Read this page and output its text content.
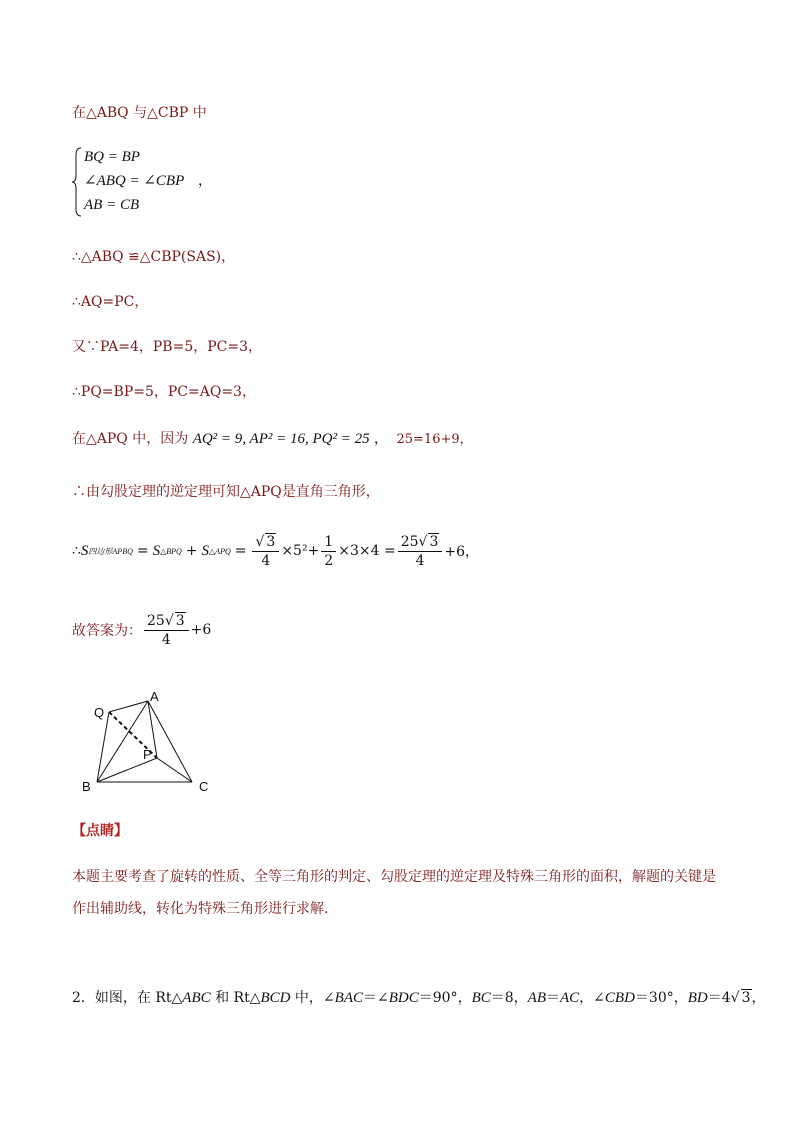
在△ABQ 与△CBP 中
BQ = BP
∠ABQ = ∠CBP
AB = CB
，
∴△ABQ ≌△CBP(SAS)，
∴AQ=PC，
又∵PA=4，PB=5，PC=3，
∴PQ=BP=5，PC=AQ=3，
在△APQ 中，因为 AQ² = 9, AP² = 16, PQ² = 25 ， 25=16+9，
∴由勾股定理的逆定理可知△APQ是直角三角形，
∴ S 四边形APBQ = S △BPQ + S △APQ = $\frac{√ 3}{4} \times 5^2+ \frac{1}{2} \times 3\times 4 = \frac{25√ 3}{4} +6$，
故答案为： $\frac{25√ 3}{4} +6$
Q
A
P
B	C
【点睛】
本题主要考查了旋转的性质、全等三角形的判定、勾股定理的逆定理及特殊三角形的面积，解题的关键是
作出辅助线，转化为特殊三角形进行求解．
2．如图，在 Rt△ABC 和 Rt△BCD 中，∠BAC＝∠BDC＝90°，BC＝8，AB＝AC，∠CBD＝30°，BD＝4√ 3，
